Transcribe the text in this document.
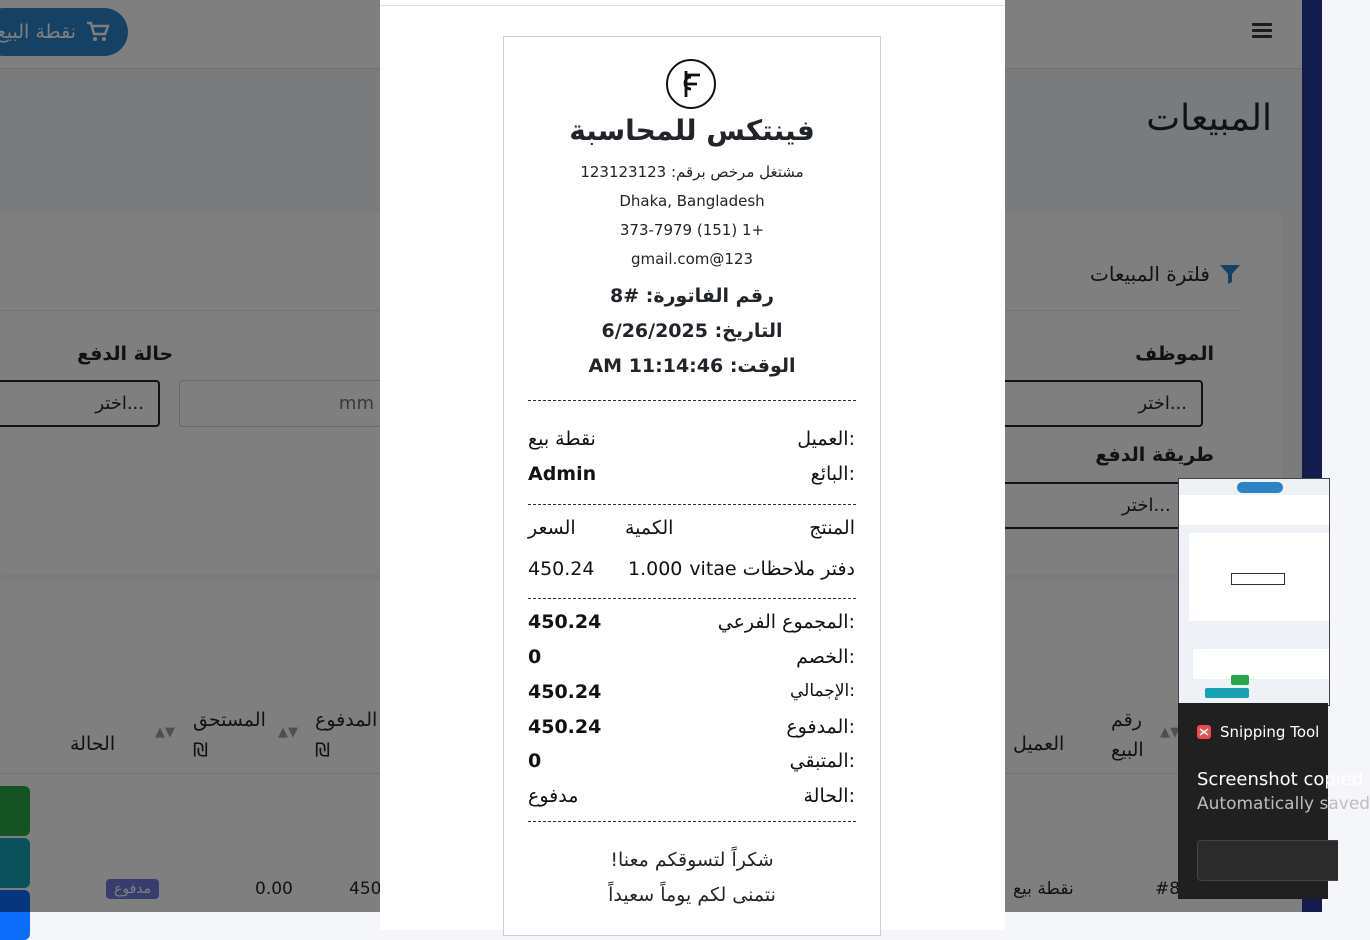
فينتكس للمحاسبة
مشتغل مرخص برقم: 123123123
Dhaka, Bangladesh
+1 (151) 373-7979
123@gmail.com
رقم الفاتورة: #8
التاريخ: 6/26/2025
الوقت: 11:14:46 AM
العميل:
نقطة بيع
البائع:
Admin
المنتج
الكمية
السعر
دفتر ملاحظات vitae
1.000
450.24
المجموع الفرعي:
450.24
الخصم:
0
الإجمالي:
450.24
المدفوع:
450.24
المتبقي:
0
الحالة:
مدفوع
شكراً لتسوقكم معنا!
نتمنى لكم يوماً سعيداً
Snipping Tool
Screenshot copied
Automatically saved
